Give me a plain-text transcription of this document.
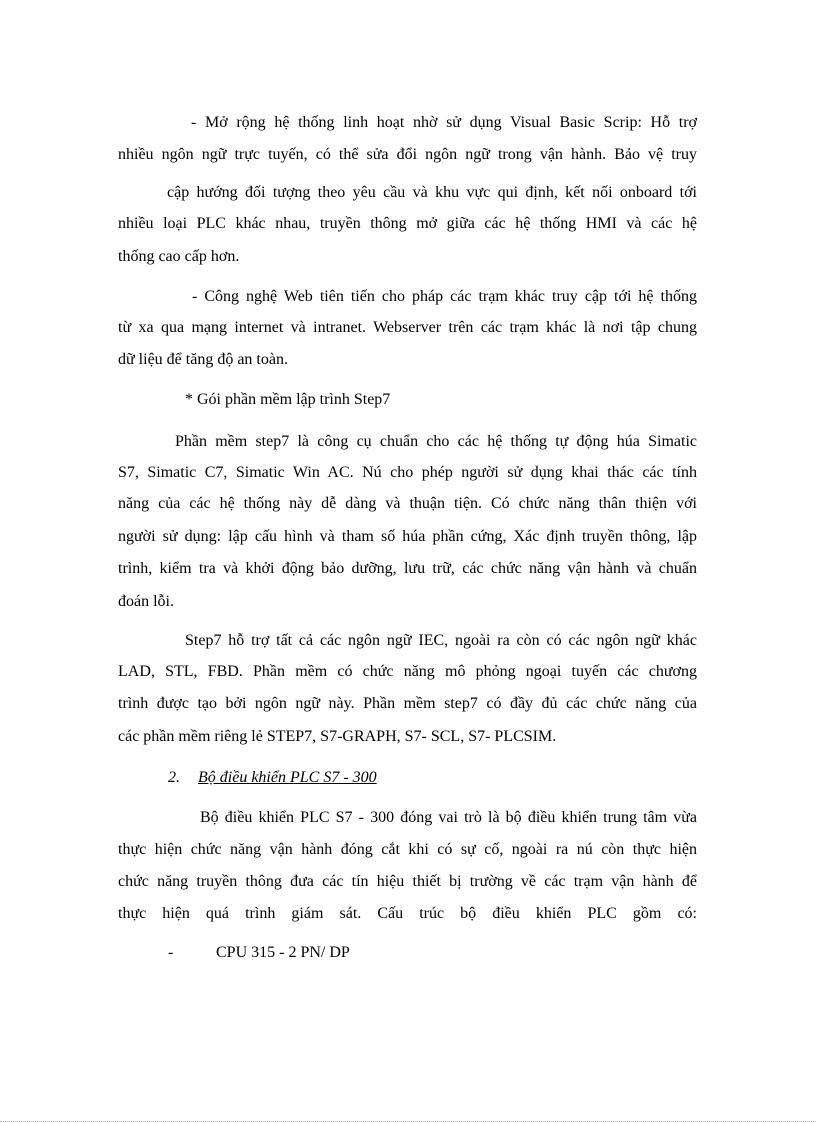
- Mở rộng hệ thống linh hoạt nhờ sử dụng Visual Basic Scrip: Hỗ trợ

nhiều ngôn ngữ trực tuyến, có thể sửa đổi ngôn ngữ trong vận hành. Bảo vệ truy

cập hướng đối tượng theo yêu cầu và khu vực qui định, kết nối onboard tới

nhiều loại PLC khác nhau, truyền thông mở giữa các hệ thống HMI và các hệ

thống cao cấp hơn.

- Công nghệ Web tiên tiến cho pháp các trạm khác truy cập tới hệ thống

từ xa qua mạng internet và intranet. Webserver trên các trạm khác là nơi tập chung

dữ liệu để tăng độ an toàn.

* Gói phần mềm lập trình Step7

Phần mềm step7 là công cụ chuẩn cho các hệ thống tự động húa Simatic

S7, Simatic C7, Simatic Win AC. Nú cho phép người sử dụng khai thác các tính

năng của các hệ thống này dễ dàng và thuận tiện. Có chức năng thân thiện với

người sử dụng: lập cấu hình và tham số húa phần cứng, Xác định truyền thông, lập

trình, kiểm tra và khởi động bảo dưỡng, lưu trữ, các chức năng vận hành và chuẩn

đoán lỗi.

Step7 hỗ trợ tất cả các ngôn ngữ IEC, ngoài ra còn có các ngôn ngữ khác

LAD, STL, FBD. Phần mềm có chức năng mô phỏng ngoại tuyến các chương

trình được tạo bởi ngôn ngữ này. Phần mềm step7 có đầy đủ các chức năng của

các phần mềm riêng lẻ STEP7, S7-GRAPH, S7- SCL, S7- PLCSIM.

2. Bộ điều khiển PLC S7 - 300

Bộ điều khiển PLC S7 - 300 đóng vai trò là bộ điều khiển trung tâm vừa

thực hiện chức năng vận hành đóng cắt khi có sự cố, ngoài ra nú còn thực hiện

chức năng truyền thông đưa các tín hiệu thiết bị trường về các trạm vận hành để

thực hiện quá trình giám sát. Cấu trúc bộ điều khiển PLC gồm có:

-	CPU 315 - 2 PN/ DP
